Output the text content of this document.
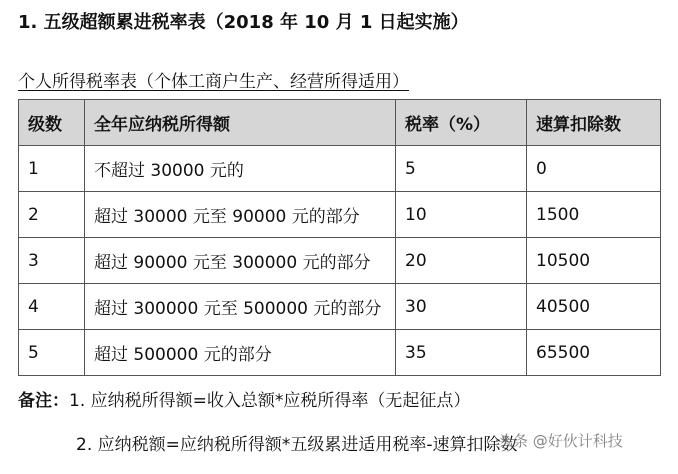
1. 五级超额累进税率表（2018 年 10 月 1 日起实施）
个人所得税率表（个体工商户生产、经营所得适用）
级数	全年应纳税所得额	税率（%）	速算扣除数
1	不超过 30000 元的	5	0
2	超过 30000 元至 90000 元的部分	10	1500
3	超过 90000 元至 300000 元的部分	20	10500
4	超过 300000 元至 500000 元的部分	30	40500
5	超过 500000 元的部分	35	65500
备注：1. 应纳税所得额=收入总额*应税所得率（无起征点）
2. 应纳税额=应纳税所得额*五级累进适用税率-速算扣除数
头条 @好伙计科技
